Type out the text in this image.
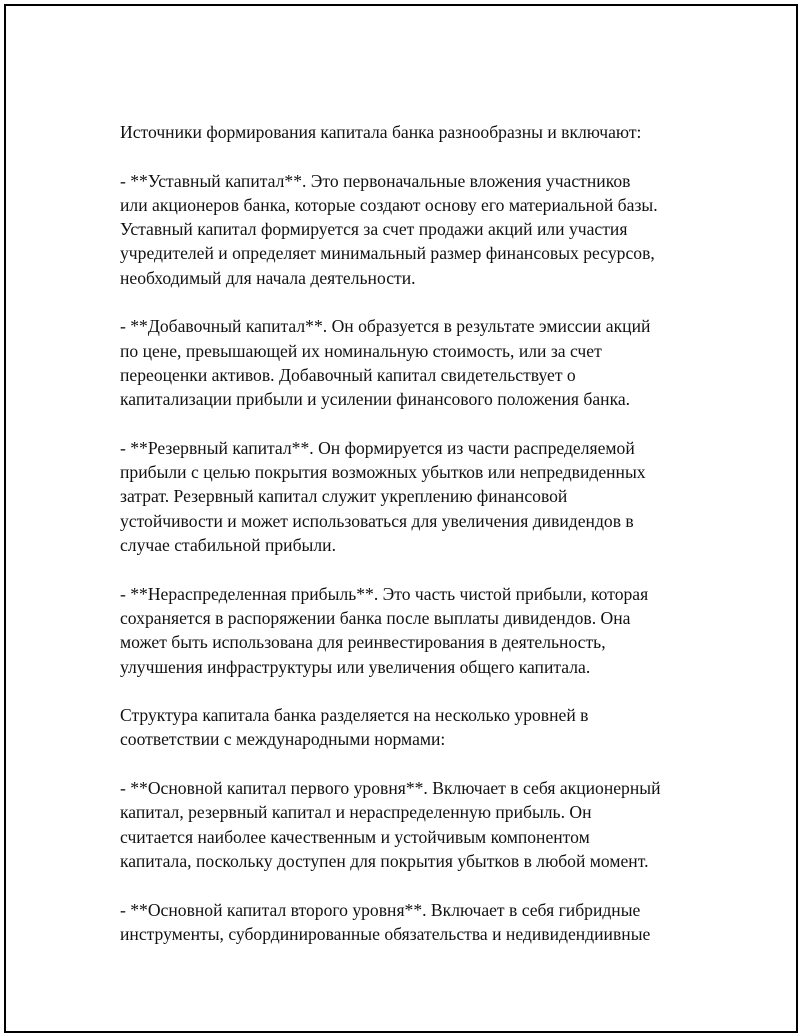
Источники формирования капитала банка разнообразны и включают:

- **Уставный капитал**. Это первоначальные вложения участников
или акционеров банка, которые создают основу его материальной базы.
Уставный капитал формируется за счет продажи акций или участия
учредителей и определяет минимальный размер финансовых ресурсов,
необходимый для начала деятельности.

- **Добавочный капитал**. Он образуется в результате эмиссии акций
по цене, превышающей их номинальную стоимость, или за счет
переоценки активов. Добавочный капитал свидетельствует о
капитализации прибыли и усилении финансового положения банка.

- **Резервный капитал**. Он формируется из части распределяемой
прибыли с целью покрытия возможных убытков или непредвиденных
затрат. Резервный капитал служит укреплению финансовой
устойчивости и может использоваться для увеличения дивидендов в
случае стабильной прибыли.

- **Нераспределенная прибыль**. Это часть чистой прибыли, которая
сохраняется в распоряжении банка после выплаты дивидендов. Она
может быть использована для реинвестирования в деятельность,
улучшения инфраструктуры или увеличения общего капитала.

Структура капитала банка разделяется на несколько уровней в
соответствии с международными нормами:

- **Основной капитал первого уровня**. Включает в себя акционерный
капитал, резервный капитал и нераспределенную прибыль. Он
считается наиболее качественным и устойчивым компонентом
капитала, поскольку доступен для покрытия убытков в любой момент.

- **Основной капитал второго уровня**. Включает в себя гибридные
инструменты, субординированные обязательства и недивидендиивные
